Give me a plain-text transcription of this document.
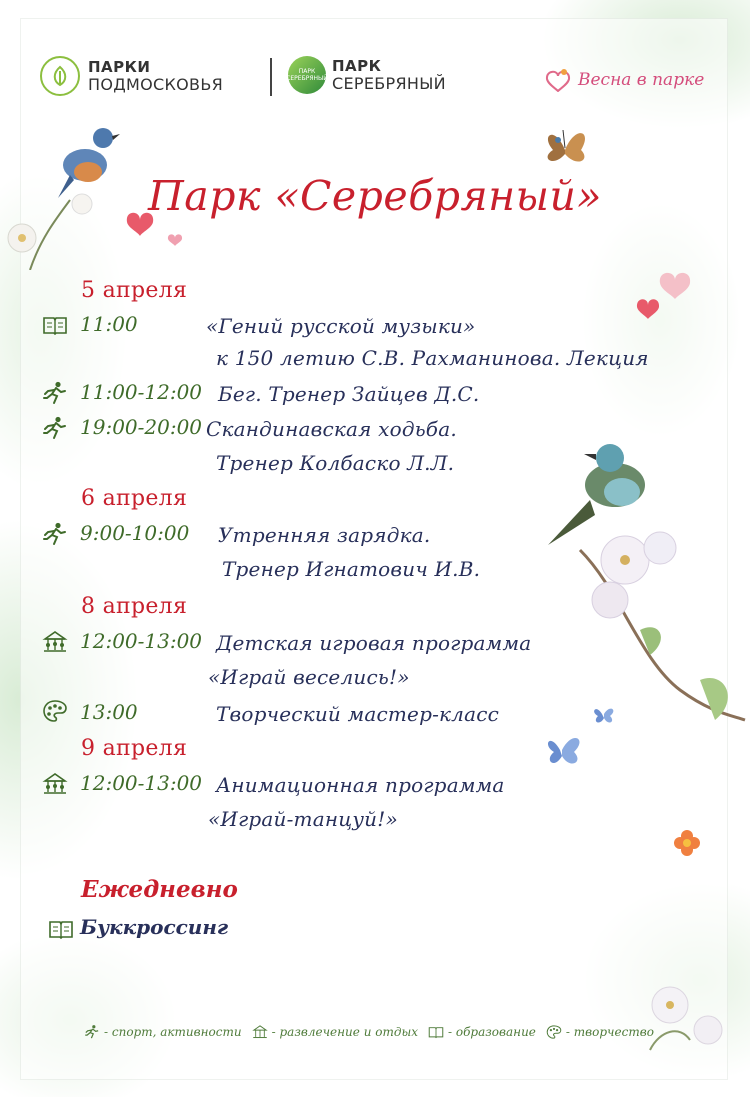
ПАРКИ
ПОДМОСКОВЬЯ
ПАРК СЕРЕБРЯНЫЙ
ПАРК
СЕРЕБРЯНЫЙ	Весна в парке
Парк «Серебряный»
5 апреля
11:00	«Гений русской музыки»
к 150 летию С.В. Рахманинова. Лекция
11:00-12:00 Бег. Тренер Зайцев Д.С.
19:00-20:00 Скандинавская ходьба.
Тренер Колбаско Л.Л.
6 апреля
9:00-10:00 Утренняя зарядка.
Тренер Игнатович И.В.
8 апреля
12:00-13:00 Детская игровая программа
«Играй веселись!»
13:00	Творческий мастер-класс
9 апреля
12:00-13:00 Анимационная программа
«Играй-танцуй!»
Ежедневно
Буккроссинг
- спорт, активности	- развлечение и отдых	- образование	- творчество
